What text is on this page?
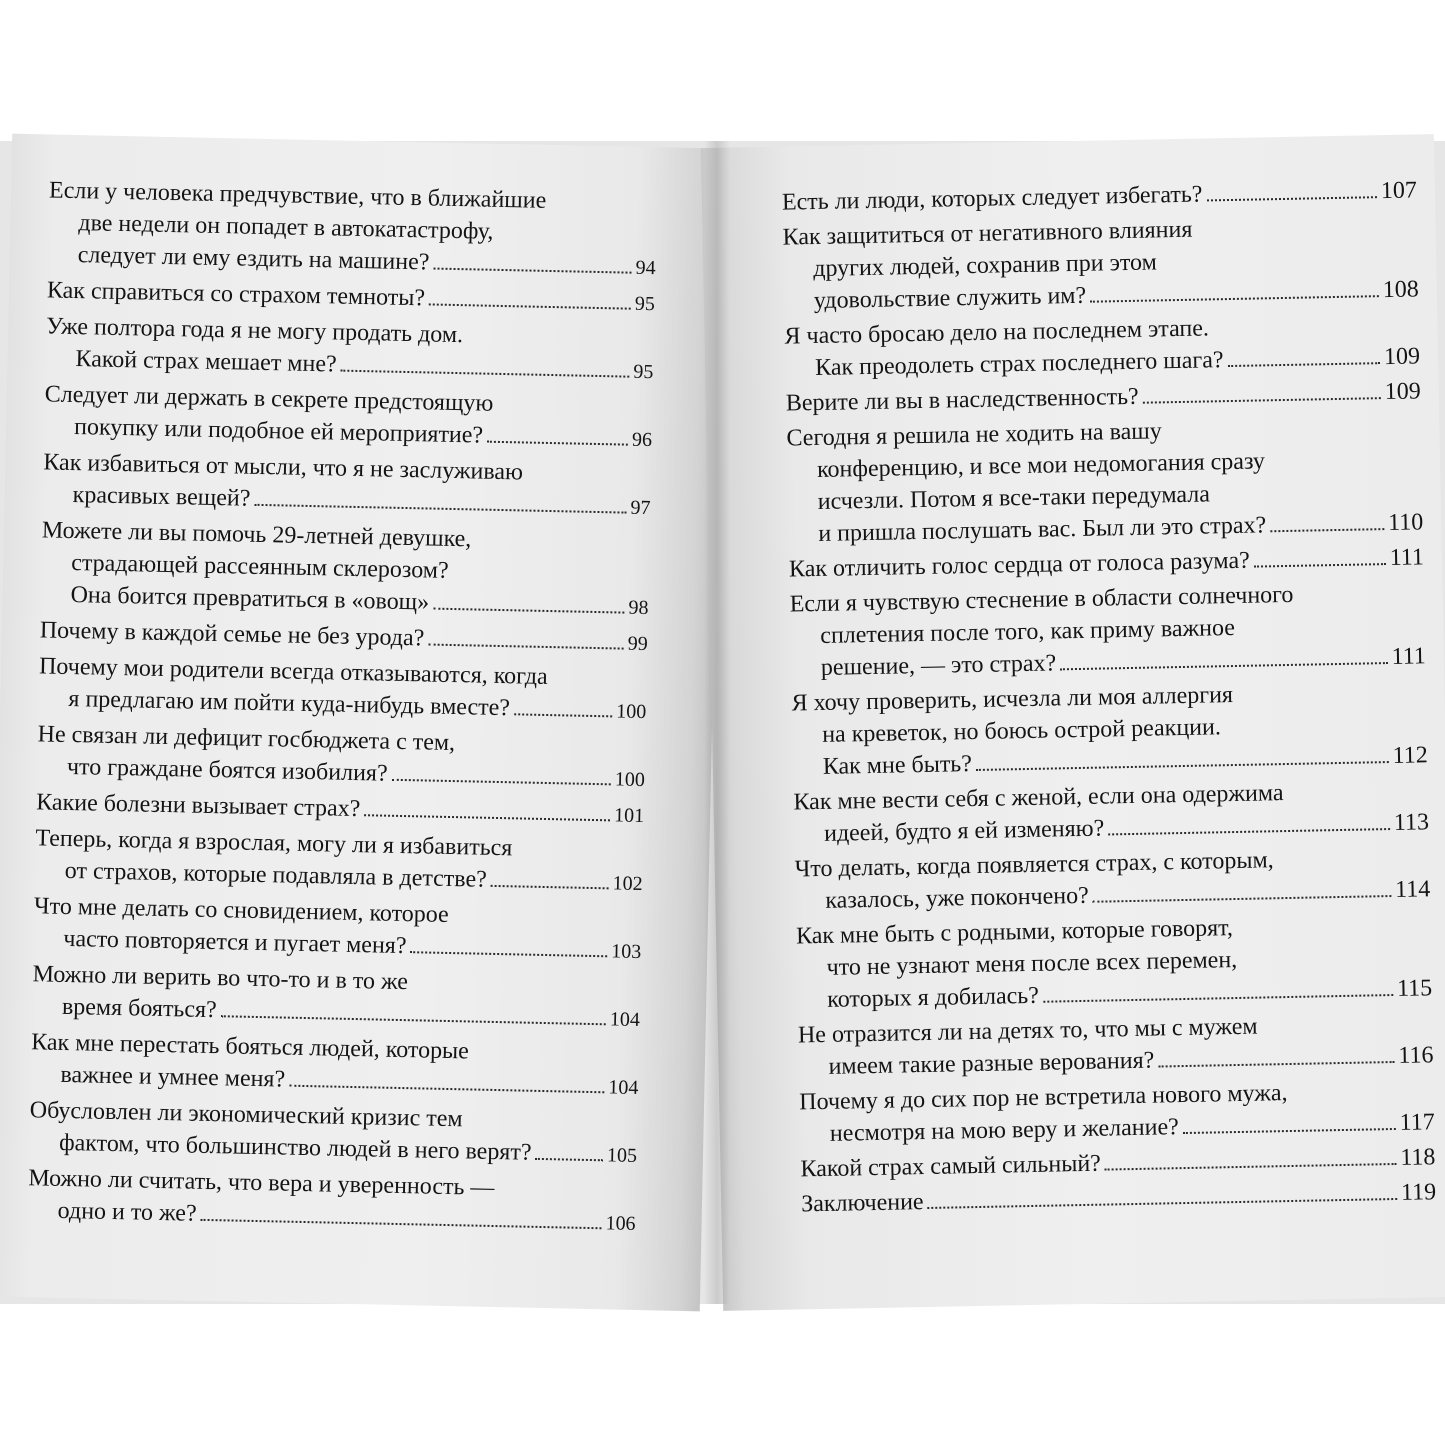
Если у человека предчувствие, что в ближайшие
две недели он попадет в автокатастрофу,
следует ли ему ездить на машине?	94
Как справиться со страхом темноты?	95
Уже полтора года я не могу продать дом.
Какой страх мешает мне?	95
Следует ли держать в секрете предстоящую
покупку или подобное ей мероприятие?	96
Как избавиться от мысли, что я не заслуживаю
красивых вещей?	97
Можете ли вы помочь 29-летней девушке,
страдающей рассеянным склерозом?
Она боится превратиться в «овощ»	98
Почему в каждой семье не без урода?	99
Почему мои родители всегда отказываются, когда
я предлагаю им пойти куда-нибудь вместе?	100
Не связан ли дефицит госбюджета с тем,
что граждане боятся изобилия?	100
Какие болезни вызывает страх?	101
Теперь, когда я взрослая, могу ли я избавиться
от страхов, которые подавляла в детстве?	102
Что мне делать со сновидением, которое
часто повторяется и пугает меня?	103
Можно ли верить во что-то и в то же
время бояться?	104
Как мне перестать бояться людей, которые
важнее и умнее меня?	104
Обусловлен ли экономический кризис тем
фактом, что большинство людей в него верят?	105
Можно ли считать, что вера и уверенность —
одно и то же?	106
Есть ли люди, которых следует избегать?	107
Как защититься от негативного влияния
других людей, сохранив при этом
удовольствие служить им?	108
Я часто бросаю дело на последнем этапе.
Как преодолеть страх последнего шага?	109
Верите ли вы в наследственность?	109
Сегодня я решила не ходить на вашу
конференцию, и все мои недомогания сразу
исчезли. Потом я все-таки передумала
и пришла послушать вас. Был ли это страх?	110
Как отличить голос сердца от голоса разума?	111
Если я чувствую стеснение в области солнечного
сплетения после того, как приму важное
решение, — это страх?	111
Я хочу проверить, исчезла ли моя аллергия
на креветок, но боюсь острой реакции.
Как мне быть?	112
Как мне вести себя с женой, если она одержима
идеей, будто я ей изменяю?	113
Что делать, когда появляется страх, с которым,
казалось, уже покончено?	114
Как мне быть с родными, которые говорят,
что не узнают меня после всех перемен,
которых я добилась?	115
Не отразится ли на детях то, что мы с мужем
имеем такие разные верования?	116
Почему я до сих пор не встретила нового мужа,
несмотря на мою веру и желание?	117
Какой страх самый сильный?	118
Заключение	119
